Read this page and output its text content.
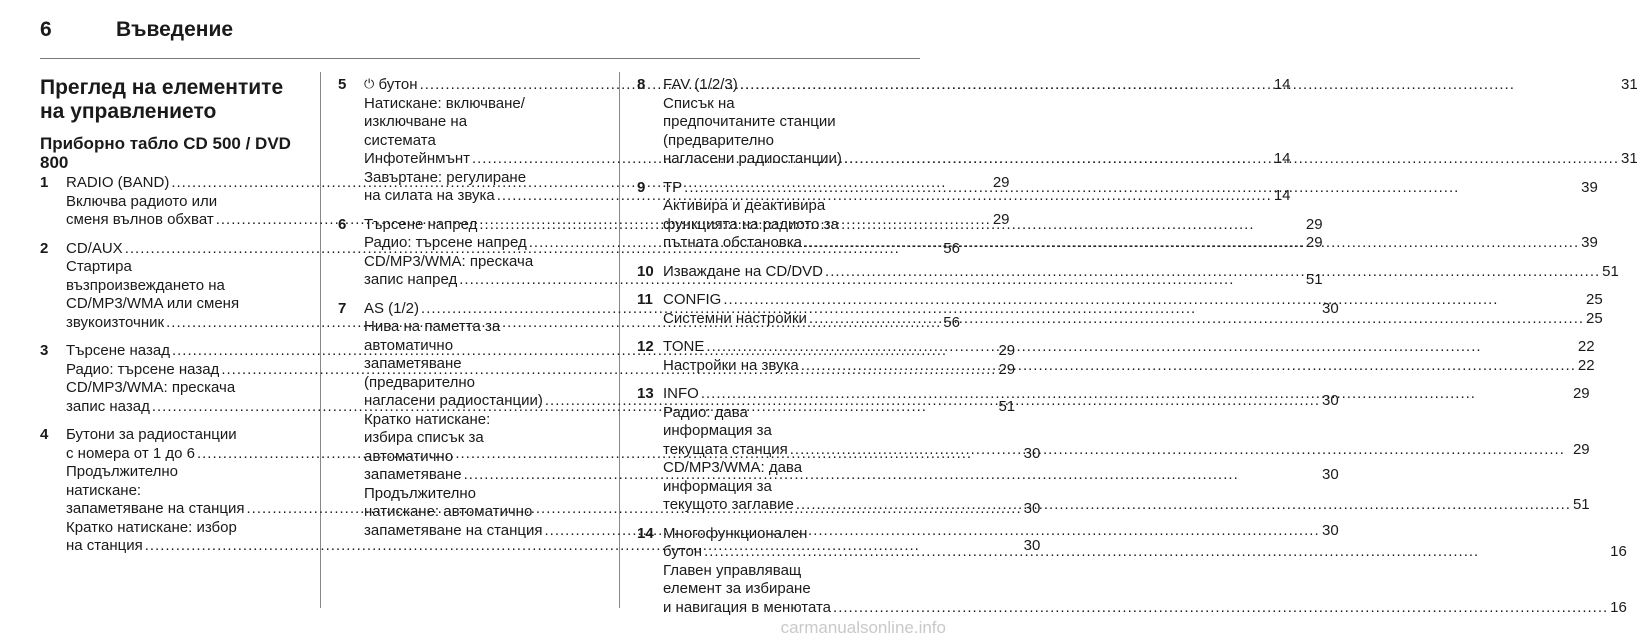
6	Въведение
Преглед на елементите на управлението
Приборно табло CD 500 / DVD 800
1	RADIO (BAND) .....	29
Включва радиото или
сменя вълнов обхват .....	29
2	CD/AUX .....	56
Стартира
възпроизвеждането на
CD/MP3/WMA или сменя
звукоизточник .....	56
3	Търсене назад .....	29
Радио: търсене назад .....	29
CD/MP3/WMA: прескача
запис назад .....	51
4	Бутони за радиостанции
с номера от 1 до 6 .....	30
Продължително
натискане:
запаметяване на станция .....	30
Кратко натискане: избор
на станция .....	30
5	⏻
бутон .....	14
Натискане: включване/
изключване на
системата
Инфотейнмънт .....	14
Завъртане: регулиране
на силата на звука .....	14
6	Търсене напред .....	29
Радио: търсене напред .....	29
CD/MP3/WMA: прескача
запис напред .....	51
7	AS (1/2) .....	30
Нива на паметта за
автоматично
запаметяване
(предварително
нагласени радиостанции) .....	30
Кратко натискане:
избира списък за
автоматично
запаметяване .....	30
Продължително
натискане: автоматично
запаметяване на станция .....	30
8	FAV (1/2/3) .....	31
Списък на
предпочитаните станции
(предварително
нагласени радиостанции) .....	31
9	TP .....	39
Активира и деактивира
функцията на радиото за
пътната обстановка .....	39
10 Изваждане на CD/DVD .....	51
11 CONFIG .....	25
Системни настройки .....	25
12 TONE .....	22
Настройки на звука .....	22
13 INFO .....	29
Радио: дава
информация за
текущата станция .....	29
CD/MP3/WMA: дава
информация за
текущото заглавие .....	51
14 Многофункционален
бутон .....	16
Главен управляващ
елемент за избиране
и навигация в менютата .....	16
carmanualsonline.info
